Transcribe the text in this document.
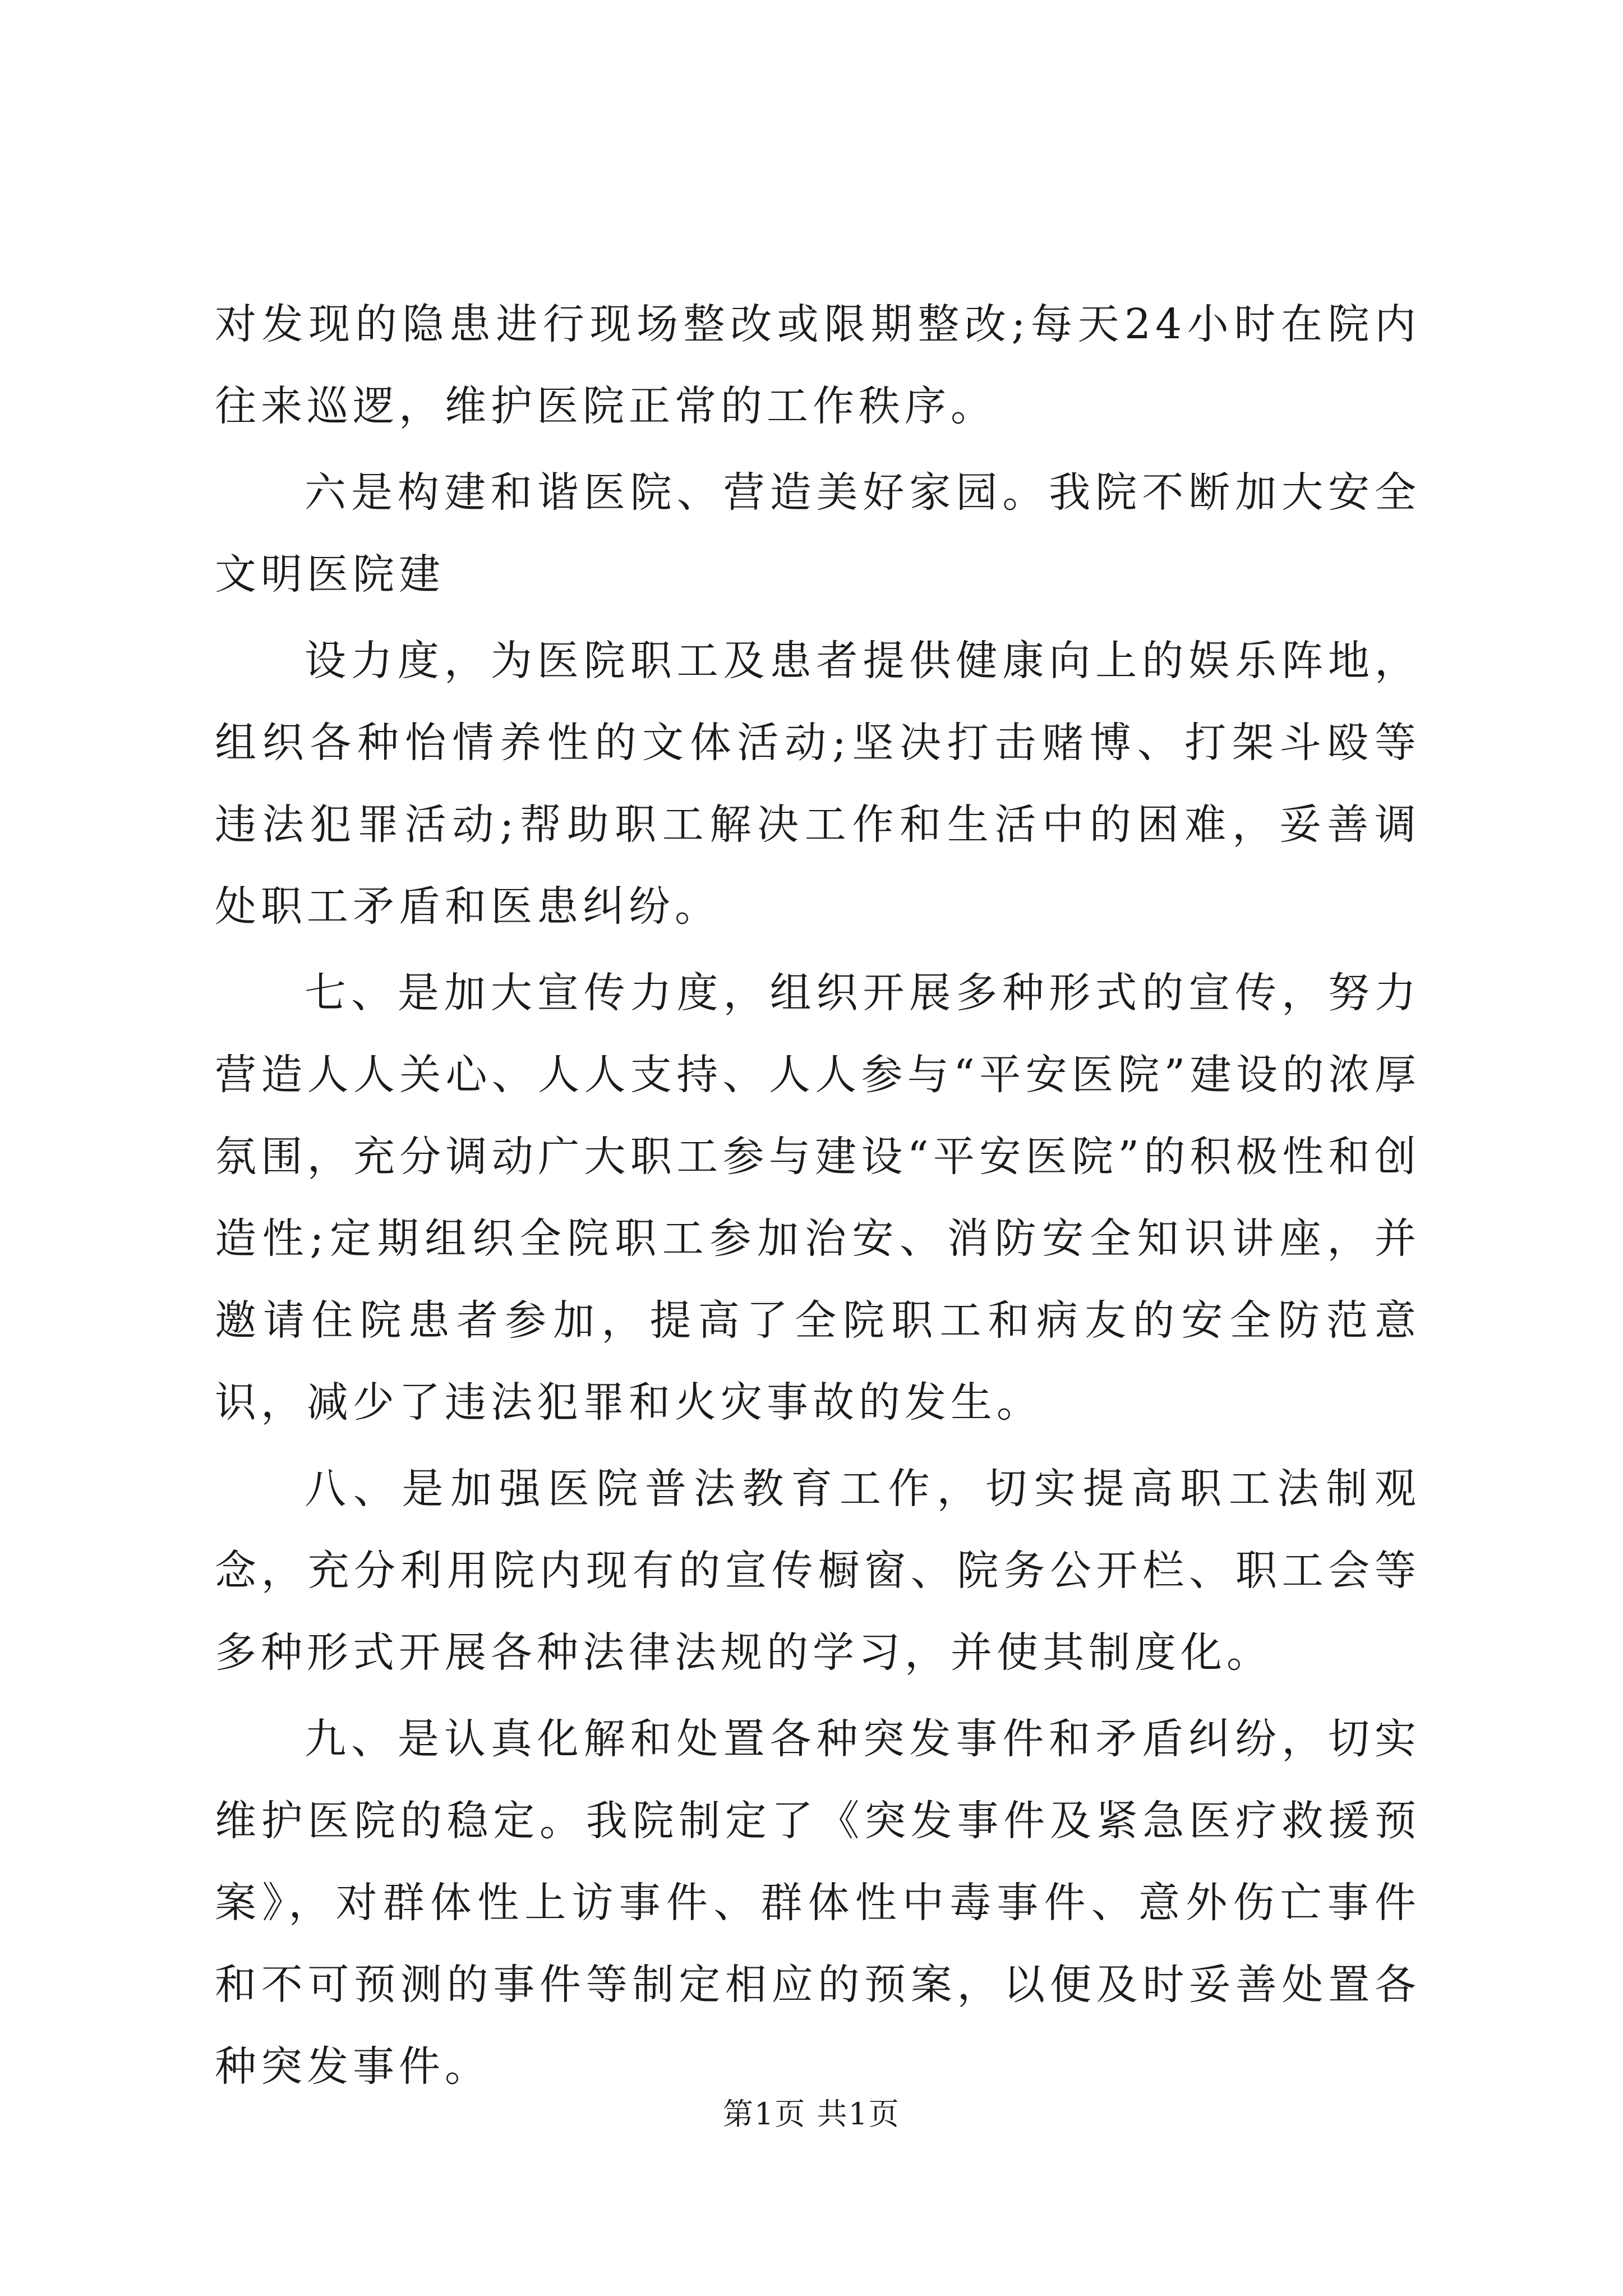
对发现的隐患进行现场整改或限期整改;每天24小时在院内往来巡逻，维护医院正常的工作秩序。

六是构建和谐医院、营造美好家园。我院不断加大安全文明医院建

设力度，为医院职工及患者提供健康向上的娱乐阵地，组织各种怡情养性的文体活动;坚决打击赌博、打架斗殴等违法犯罪活动;帮助职工解决工作和生活中的困难，妥善调处职工矛盾和医患纠纷。

七、是加大宣传力度，组织开展多种形式的宣传，努力营造人人关心、人人支持、人人参与“平安医院”建设的浓厚氛围，充分调动广大职工参与建设“平安医院”的积极性和创造性;定期组织全院职工参加治安、消防安全知识讲座，并邀请住院患者参加，提高了全院职工和病友的安全防范意识，减少了违法犯罪和火灾事故的发生。

八、是加强医院普法教育工作，切实提高职工法制观念，充分利用院内现有的宣传橱窗、院务公开栏、职工会等多种形式开展各种法律法规的学习，并使其制度化。

九、是认真化解和处置各种突发事件和矛盾纠纷，切实维护医院的稳定。我院制定了《突发事件及紧急医疗救援预案》，对群体性上访事件、群体性中毒事件、意外伤亡事件和不可预测的事件等制定相应的预案，以便及时妥善处置各种突发事件。

第1页 共1页
